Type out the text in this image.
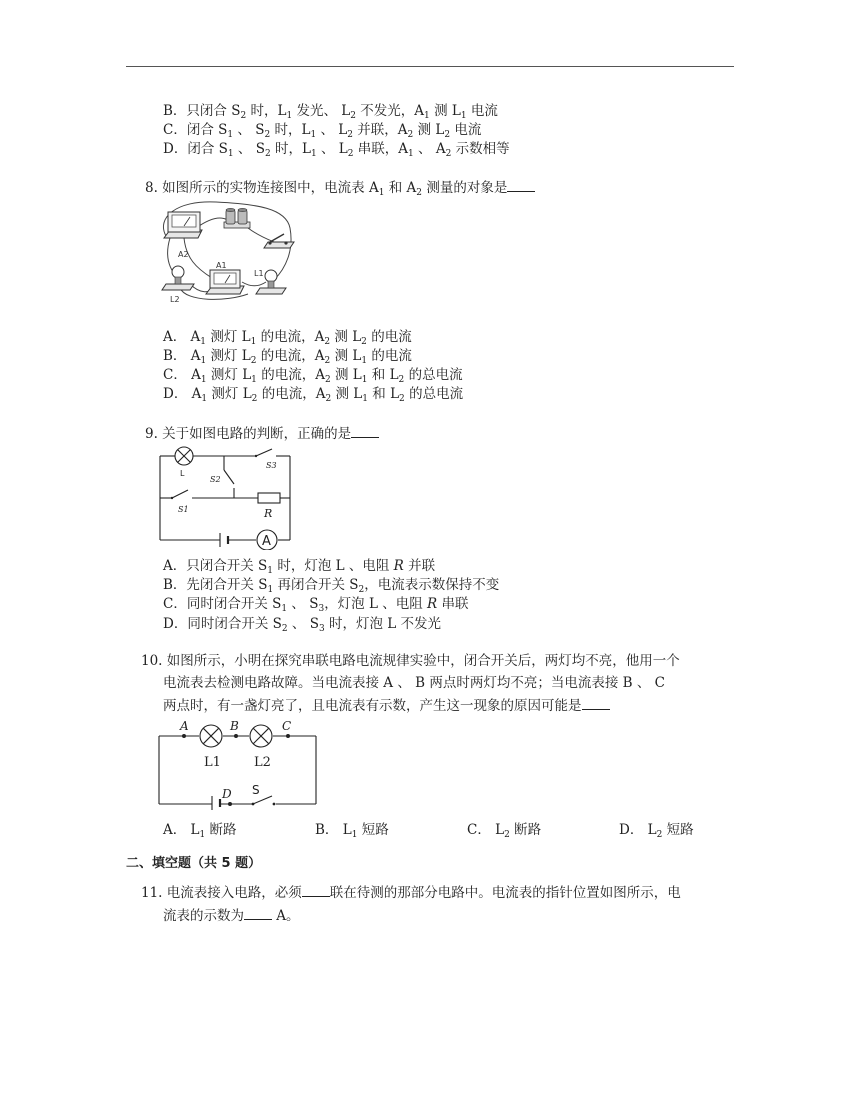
B．只闭合 $S_2$ 时，$L_1$ 发光、 $L_2$ 不发光，$A_1$ 测 $L_1$ 电流
C．闭合 $S_1$ 、 $S_2$ 时，$L_1$ 、 $L_2$ 并联，$A_2$ 测 $L_2$ 电流
D．闭合 $S_1$ 、 $S_2$ 时，$L_1$ 、 $L_2$ 串联，$A_1$ 、 $A_2$ 示数相等
8. 如图所示的实物连接图中，电流表 $A_1$ 和 $A_2$ 测量的对象是
A2
L2
A1
L1
A． $A_1$ 测灯 $L_1$ 的电流，$A_2$ 测 $L_2$ 的电流
B． $A_1$ 测灯 $L_2$ 的电流，$A_2$ 测 $L_1$ 的电流
C． $A_1$ 测灯 $L_1$ 的电流，$A_2$ 测 $L_1$ 和 $L_2$ 的总电流
D． $A_1$ 测灯 $L_2$ 的电流，$A_2$ 测 $L_1$ 和 $L_2$ 的总电流
9. 关于如图电路的判断，正确的是
A
L
S2
S3
S1	R
A．只闭合开关 $S_1$ 时，灯泡 L 、电阻 R 并联
B．先闭合开关 $S_1$ 再闭合开关 $S_2$，电流表示数保持不变
C．同时闭合开关 $S_1$ 、 $S_3$，灯泡 L 、电阻 R 串联
D．同时闭合开关 $S_2$ 、 $S_3$ 时，灯泡 L 不发光
10. 如图所示，小明在探究串联电路电流规律实验中，闭合开关后，两灯均不亮，他用一个
电流表去检测电路故障。当电流表接 A 、 B 两点时两灯均不亮；当电流表接 B 、 C
两点时，有一盏灯亮了，且电流表有示数，产生这一现象的原因可能是
A	B	C
D S
L1	L2
A． $L_1$ 断路	B． $L_1$ 短路	C． $L_2$ 断路	D． $L_2$ 短路
二、填空题（共 5 题）
11. 电流表接入电路，必须 联在待测的那部分电路中。电流表的指针位置如图所示，电
流表的示数为 A。
